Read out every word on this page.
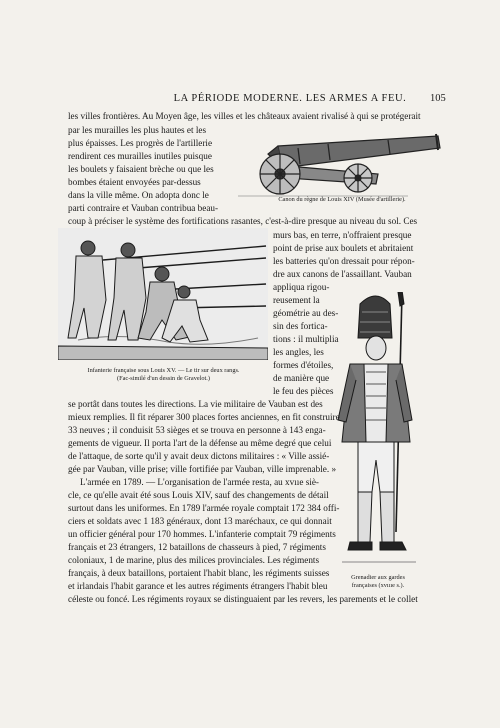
LA PÉRIODE MODERNE. LES ARMES A FEU.	105
Canon du règne de Louis XIV (Musée d'artillerie).
Infanterie française sous Louis XV. — Le tir sur deux rangs.
(Fac-similé d'un dessin de Gravelot.)
Grenadier aux gardes
françaises (xvıııe s.).
les villes frontières. Au Moyen âge, les villes et les châteaux avaient rivalisé à qui se protégerait
par les murailles les plus hautes et les
plus épaisses. Les progrès de l'artillerie
rendirent ces murailles inutiles puisque
les boulets y faisaient brèche ou que les
bombes étaient envoyées par-dessus
dans la ville même. On adopta donc le
parti contraire et Vauban contribua beau-
coup à préciser le système des fortifications rasantes, c'est-à-dire presque au niveau du sol. Ces
murs bas, en terre, n'offraient presque
point de prise aux boulets et abritaient
les batteries qu'on dressait pour répon-
dre aux canons de l'assaillant. Vauban
appliqua rigou-
reusement la
géométrie au des-
sin des fortica-
tions : il multiplia
les angles, les
formes d'étoiles,
de manière que
le feu des pièces
se portât dans toutes les directions. La vie militaire de Vauban est des
mieux remplies. Il fit réparer 300 places fortes anciennes, en fit construire
33 neuves ; il conduisit 53 sièges et se trouva en personne à 143 enga-
gements de vigueur. Il porta l'art de la défense au même degré que celui
de l'attaque, de sorte qu'il y avait deux dictons militaires : « Ville assié-
gée par Vauban, ville prise; ville fortifiée par Vauban, ville imprenable. »
L'armée en 1789. — L'organisation de l'armée resta, au xvııe siè-
cle, ce qu'elle avait été sous Louis XIV, sauf des changements de détail
surtout dans les uniformes. En 1789 l'armée royale comptait 172 384 offi-
ciers et soldats avec 1 183 généraux, dont 13 maréchaux, ce qui donnait
un officier général pour 170 hommes. L'infanterie comptait 79 régiments
français et 23 étrangers, 12 bataillons de chasseurs à pied, 7 régiments
coloniaux, 1 de marine, plus des milices provinciales. Les régiments
français, à deux bataillons, portaient l'habit blanc, les régiments suisses
et irlandais l'habit garance et les autres régiments étrangers l'habit bleu
céleste ou foncé. Les régiments royaux se distinguaient par les revers, les parements et le collet
